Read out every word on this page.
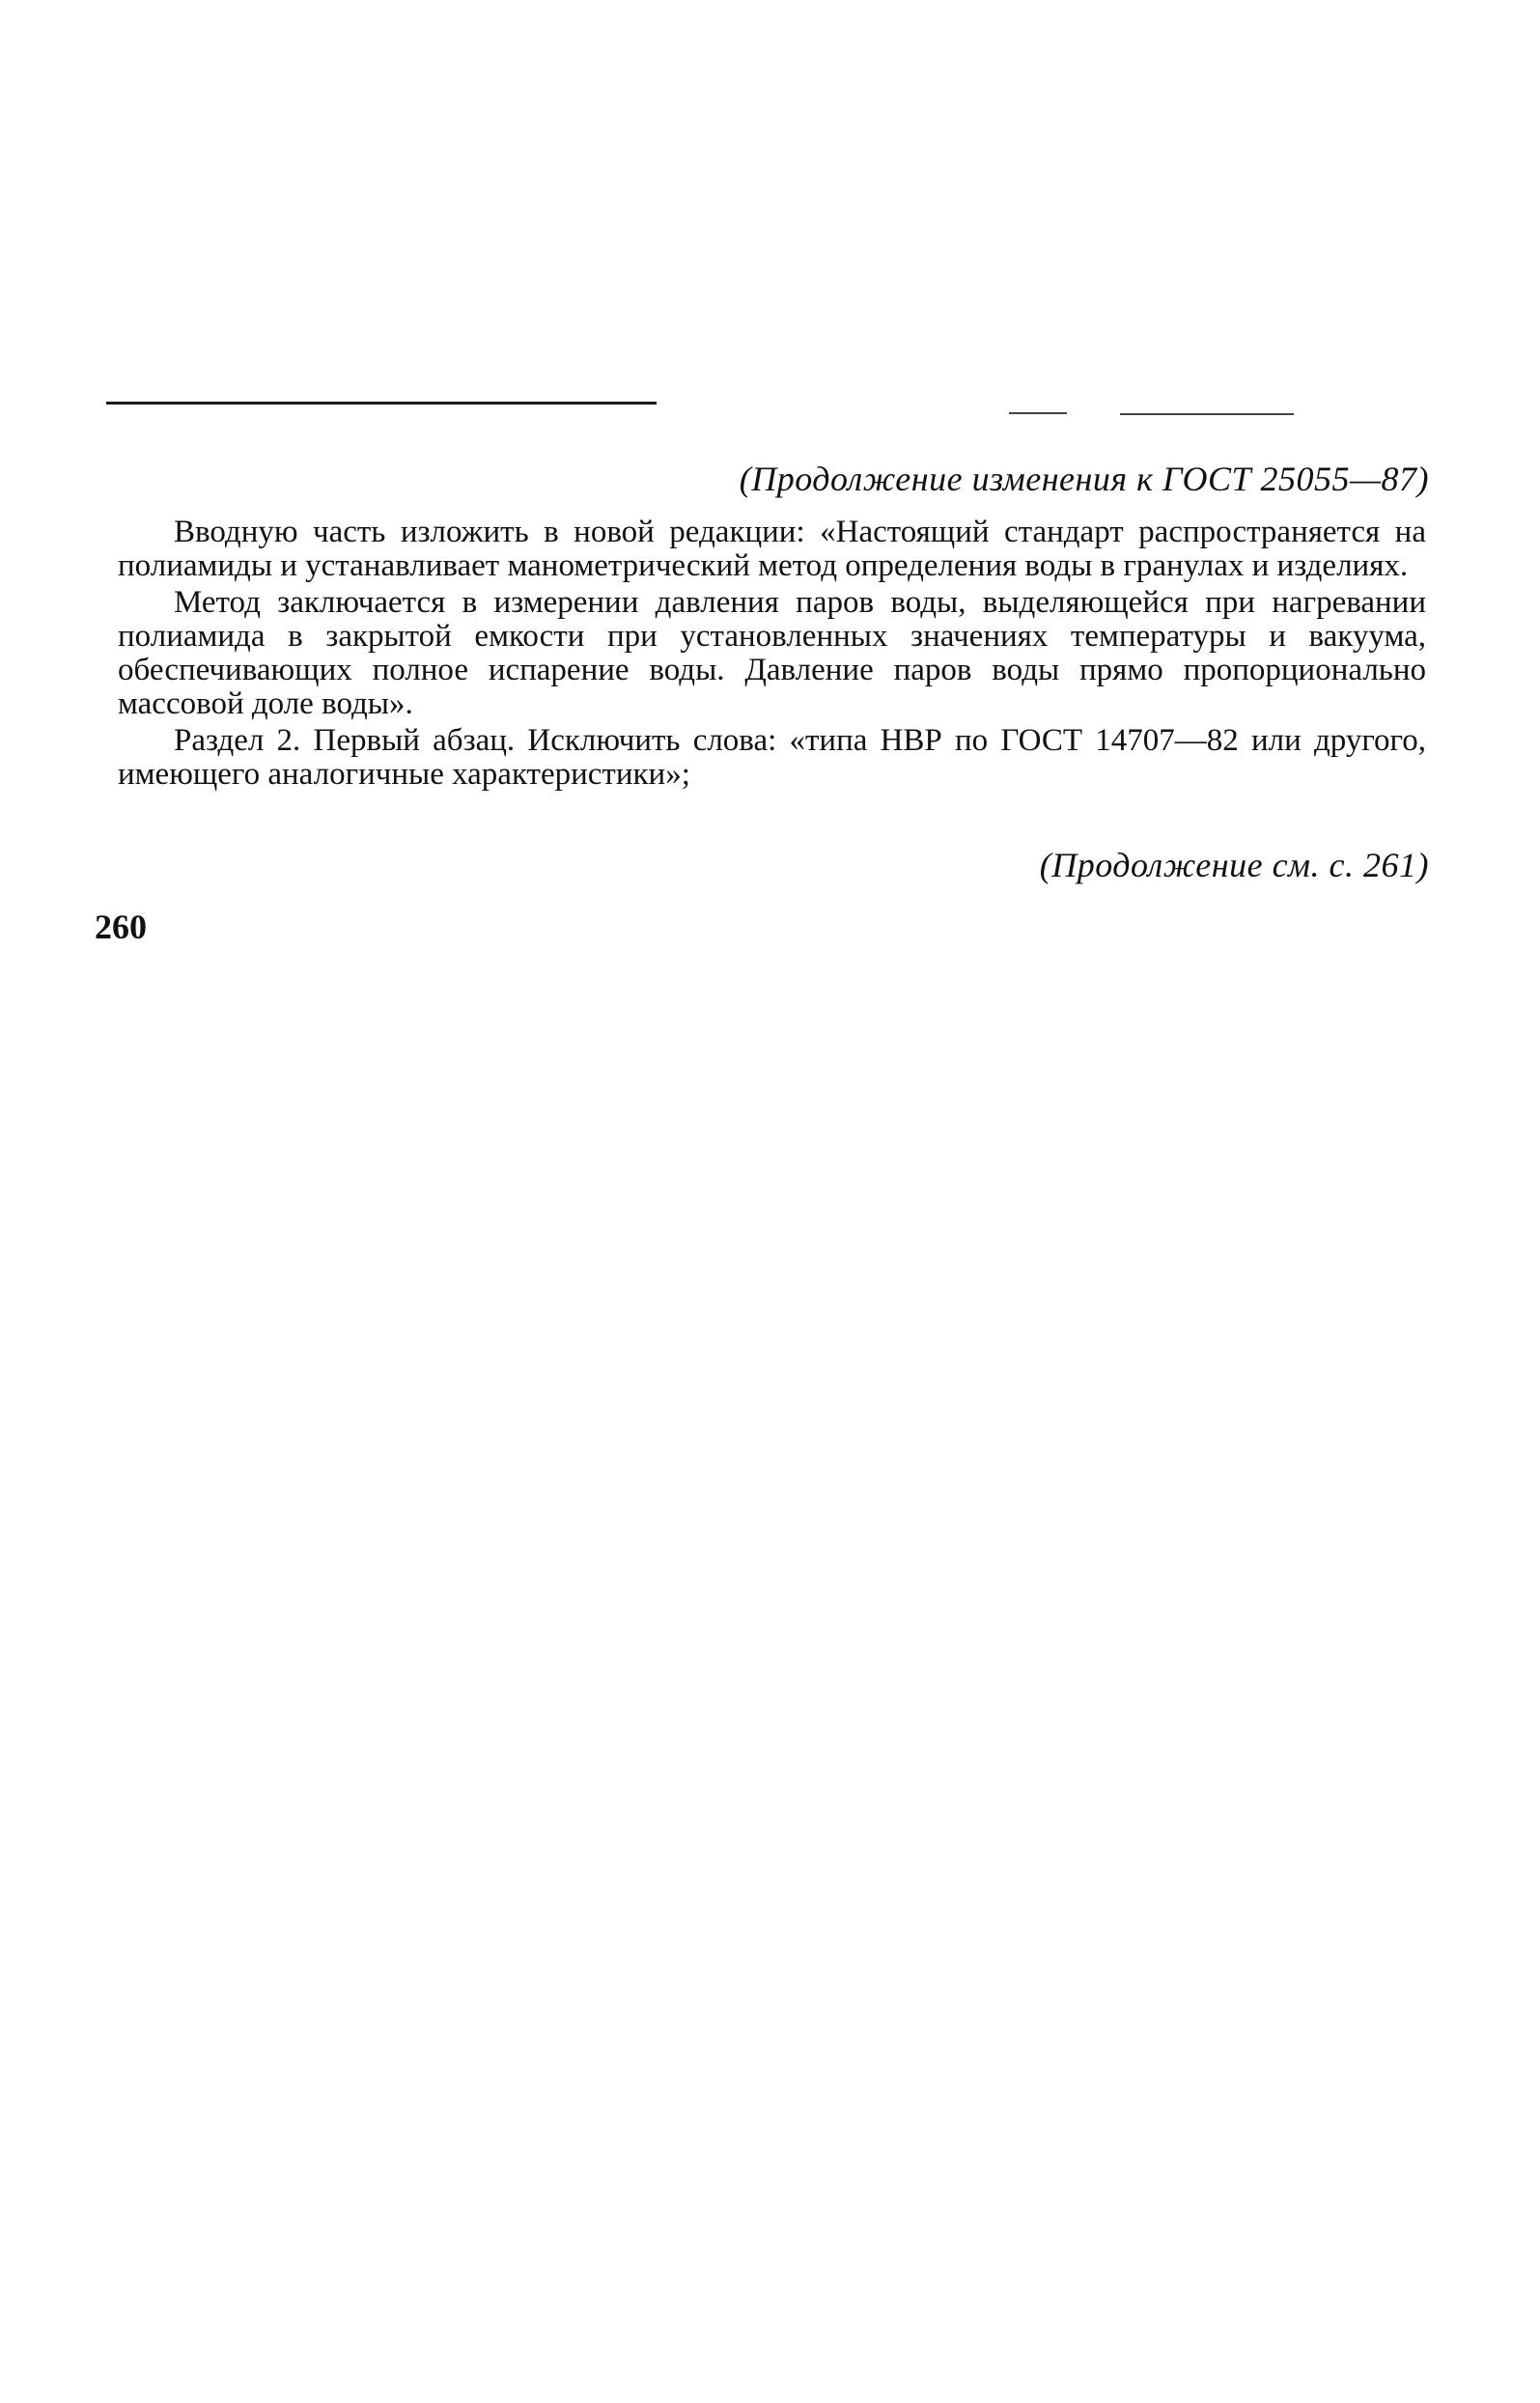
(Продолжение изменения к ГОСТ 25055—87)

Вводную часть изложить в новой редакции: «Настоящий стандарт распространяется на полиамиды и устанавливает манометрический метод определения воды в гранулах и изделиях.

Метод заключается в измерении давления паров воды, выделяющейся при нагревании полиамида в закрытой емкости при установленных значениях температуры и вакуума, обеспечивающих полное испарение воды. Давление паров воды прямо пропорционально массовой доле воды».

Раздел 2. Первый абзац. Исключить слова: «типа НВР по ГОСТ 14707—82 или другого, имеющего аналогичные характеристики»;

(Продолжение см. с. 261)
260
